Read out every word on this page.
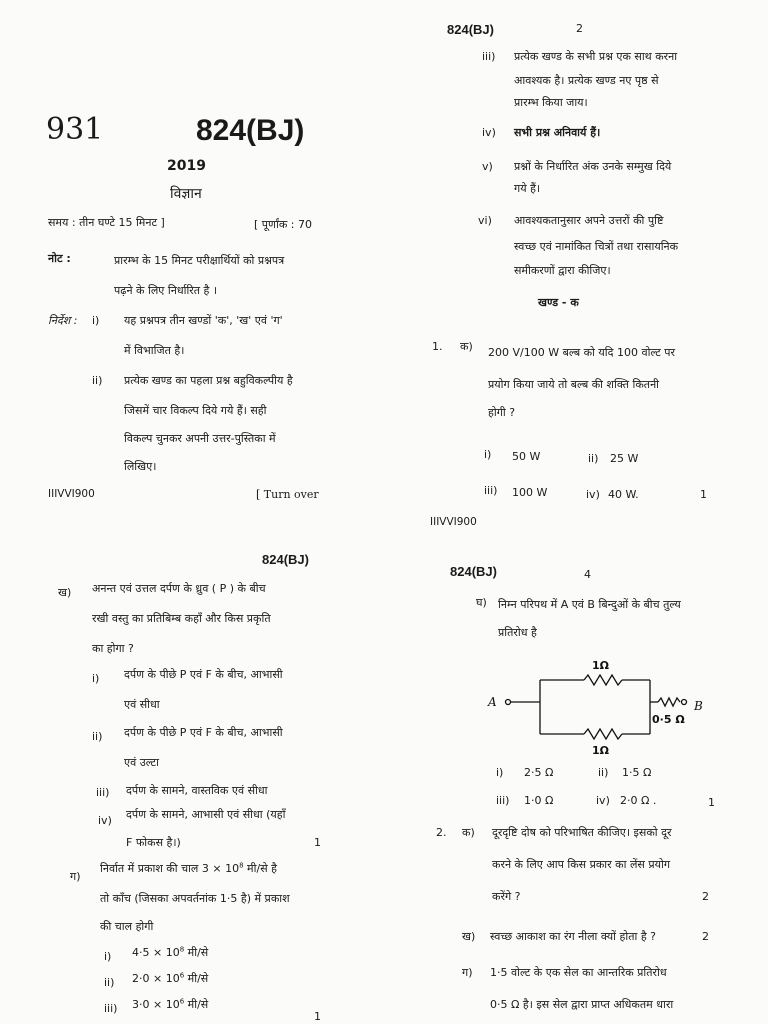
931	824(BJ)
2019
विज्ञान
समय : तीन घण्टे 15 मिनट ]	[ पूर्णांक : 70
नोट :	प्रारम्भ के 15 मिनट परीक्षार्थियों को प्रश्नपत्र
पढ़ने के लिए निर्धारित है ।
निर्देश : i) यह प्रश्नपत्र तीन खण्डों 'क', 'ख' एवं 'ग'
में विभाजित है।
ii) प्रत्येक खण्ड का पहला प्रश्न बहुविकल्पीय है
जिसमें चार विकल्प दिये गये हैं। सही
विकल्प चुनकर अपनी उत्तर-पुस्तिका में
लिखिए।
IIIVVI900	[ Turn over
824(BJ)	2
iii) प्रत्येक खण्ड के सभी प्रश्न एक साथ करना
आवश्यक है। प्रत्येक खण्ड नए पृष्ठ से
प्रारम्भ किया जाय।
iv) सभी प्रश्न अनिवार्य हैं।
v) प्रश्नों के निर्धारित अंक उनके सम्मुख दिये
गये हैं।
vi) आवश्यकतानुसार अपने उत्तरों की पुष्टि
स्वच्छ एवं नामांकित चित्रों तथा रासायनिक
समीकरणों द्वारा कीजिए।
खण्ड - क
1. क) 200 V/100 W बल्ब को यदि 100 वोल्ट पर
प्रयोग किया जाये तो बल्ब की शक्ति कितनी
होगी ?
i) 50 W	ii) 25 W
iii) 100 W	iv) 40 W.	1
IIIVVI900
824(BJ)
ख) अनन्त एवं उत्तल दर्पण के ध्रुव ( P ) के बीच
रखी वस्तु का प्रतिबिम्ब कहाँ और किस प्रकृति
का होगा ?
i) दर्पण के पीछे P एवं F के बीच, आभासी
एवं सीधा
ii) दर्पण के पीछे P एवं F के बीच, आभासी
एवं उल्टा
iii) दर्पण के सामने, वास्तविक एवं सीधा
iv) दर्पण के सामने, आभासी एवं सीधा (यहाँ
F फोकस है।)	1
ग)
निर्वात में प्रकाश की चाल $3 \times 10^8$ मी/से है
तो काँच (जिसका अपवर्तनांक 1·5 है) में प्रकाश
की चाल होगी
i) $4\cdot 5 \times 10^8$ मी/से
ii) $2\cdot 0 \times 10^6$ मी/से
iii) $3\cdot 0 \times 10^6$ मी/से
1
824(BJ)	4
घ) निम्न परिपथ में A एवं B बिन्दुओं के बीच तुल्य
प्रतिरोध है
1Ω
1Ω
0·5 Ω
A	B
i) 2·5 Ω	ii) 1·5 Ω
iii) 1·0 Ω	iv) 2·0 Ω .	1
2. क) दूरदृष्टि दोष को परिभाषित कीजिए। इसको दूर
करने के लिए आप किस प्रकार का लेंस प्रयोग
करेंगे ?	2
ख) स्वच्छ आकाश का रंग नीला क्यों होता है ?	2
ग) 1·5 वोल्ट के एक सेल का आन्तरिक प्रतिरोध
0·5 Ω है। इस सेल द्वारा प्राप्त अधिकतम धारा
